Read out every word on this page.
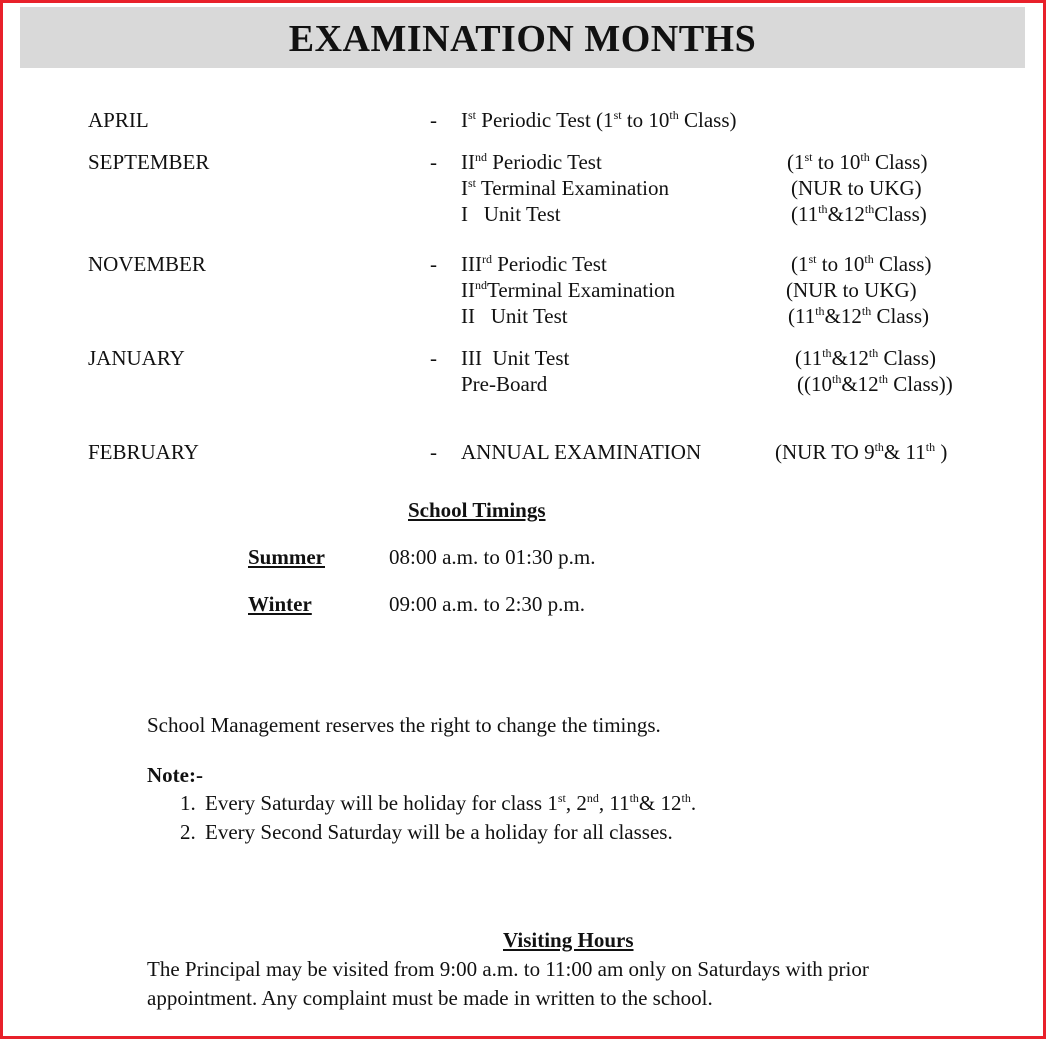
EXAMINATION MONTHS
APRIL	- Ist Periodic Test (1st to 10th Class)
SEPTEMBER	- IInd Periodic Test	(1st to 10th Class)
Ist Terminal Examination	(NUR to UKG)
I   Unit Test	(11th&12thClass)
NOVEMBER	- IIIrd Periodic Test	(1st to 10th Class)
IIndTerminal Examination	(NUR to UKG)
II   Unit Test	(11th&12th Class)
JANUARY	- III  Unit Test	(11th&12th Class)
Pre-Board	((10th&12th Class))
FEBRUARY	- ANNUAL EXAMINATION	(NUR TO 9th& 11th )
School Timings
Summer	08:00 a.m. to 01:30 p.m.
Winter	09:00 a.m. to 2:30 p.m.
School Management reserves the right to change the timings.
Note:-
1. Every Saturday will be holiday for class 1st, 2nd, 11th& 12th.
2. Every Second Saturday will be a holiday for all classes.
Visiting Hours
The Principal may be visited from 9:00 a.m. to 11:00 am only on Saturdays with prior
appointment. Any complaint must be made in written to the school.
